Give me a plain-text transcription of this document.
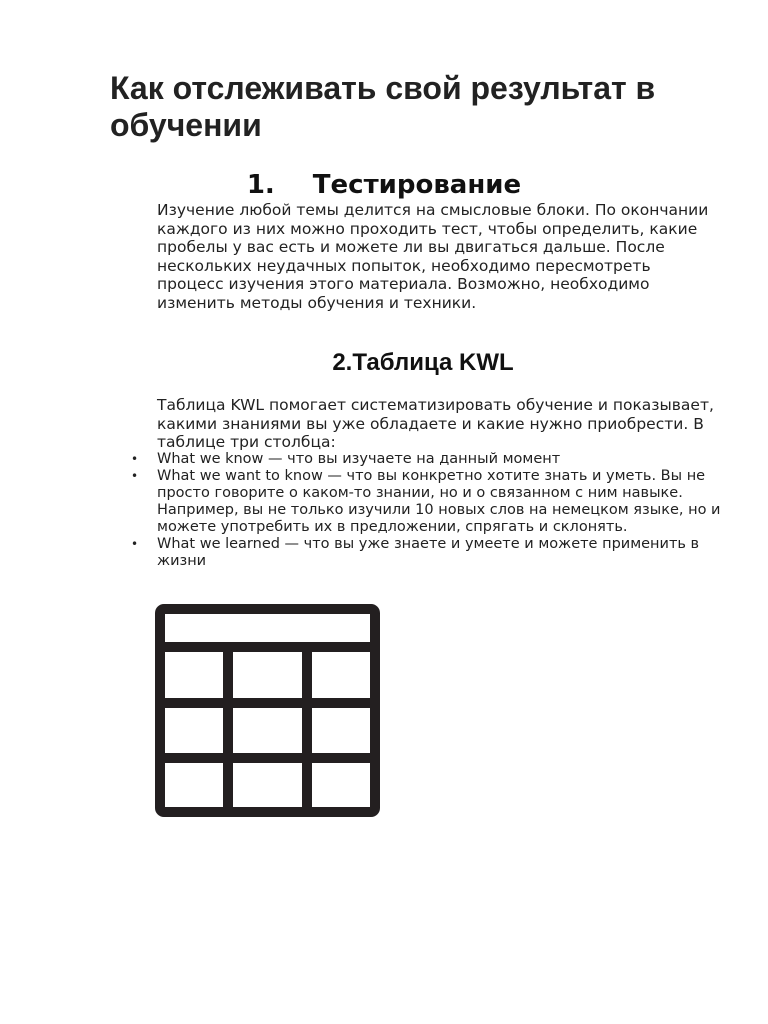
Как отслеживать свой результат в обучении
1. Тестирование

Изучение любой темы делится на смысловые блоки. По окончании каждого из них можно проходить тест, чтобы определить, какие пробелы у вас есть и можете ли вы двигаться дальше. После нескольких неудачных попыток, необходимо пересмотреть процесс изучения этого материала. Возможно, необходимо изменить методы обучения и техники.

2.Таблица KWL

Таблица KWL помогает систематизировать обучение и показывает, какими знаниями вы уже обладаете и какие нужно приобрести. В таблице три столбца:

• What we know — что вы изучаете на данный момент
• What we want to know — что вы конкретно хотите знать и уметь. Вы не просто говорите о каком-то знании, но и о связанном с ним навыке. Например, вы не только изучили 10 новых слов на немецком языке, но и можете употребить их в предложении, спрягать и склонять.
• What we learned — что вы уже знаете и умеете и можете применить в жизни
